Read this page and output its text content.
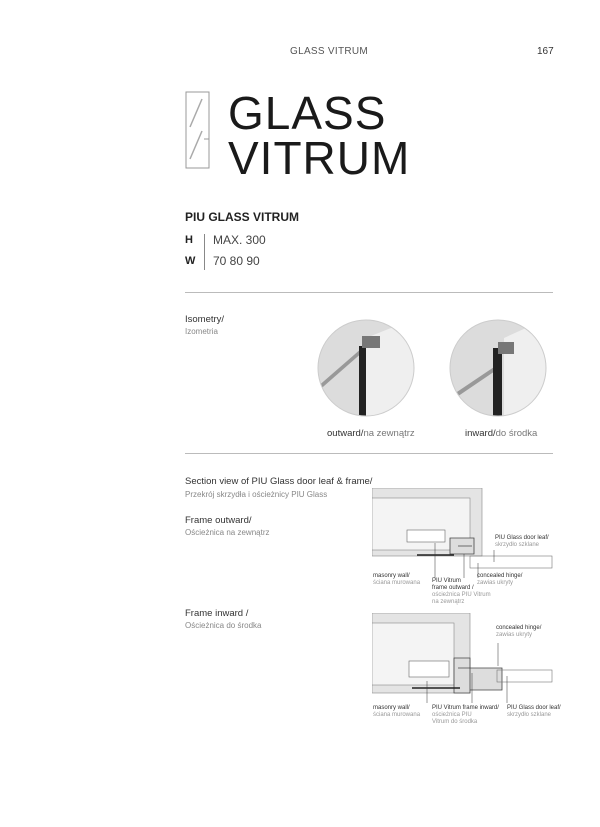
GLASS VITRUM	167
GLASS
VITRUM
PIU GLASS VITRUM
H MAX. 300
W 70 80 90
Isometry/
Izometria
outward/na zewnątrz	inward/do środka
Section view of PIU Glass door leaf & frame/
Przekrój skrzydła i ościeżnicy PIU Glass
Frame outward/
Ościeżnica na zewnątrz
Frame inward /
Ościeżnica do środka
PIU Glass door leaf/
skrzydło szklane
masonry wall/
ściana murowana PIU Vitrum
frame outward /
ościeżnica PIU Vitrum
na zewnątrz
concealed hinge/
zawias ukryty
concealed hinge/
zawias ukryty
masonry wall/
ściana murowana
PIU Vitrum frame inward/
ościeżnica PIU
Vitrum do środka
PIU Glass door leaf/
skrzydło szklane
